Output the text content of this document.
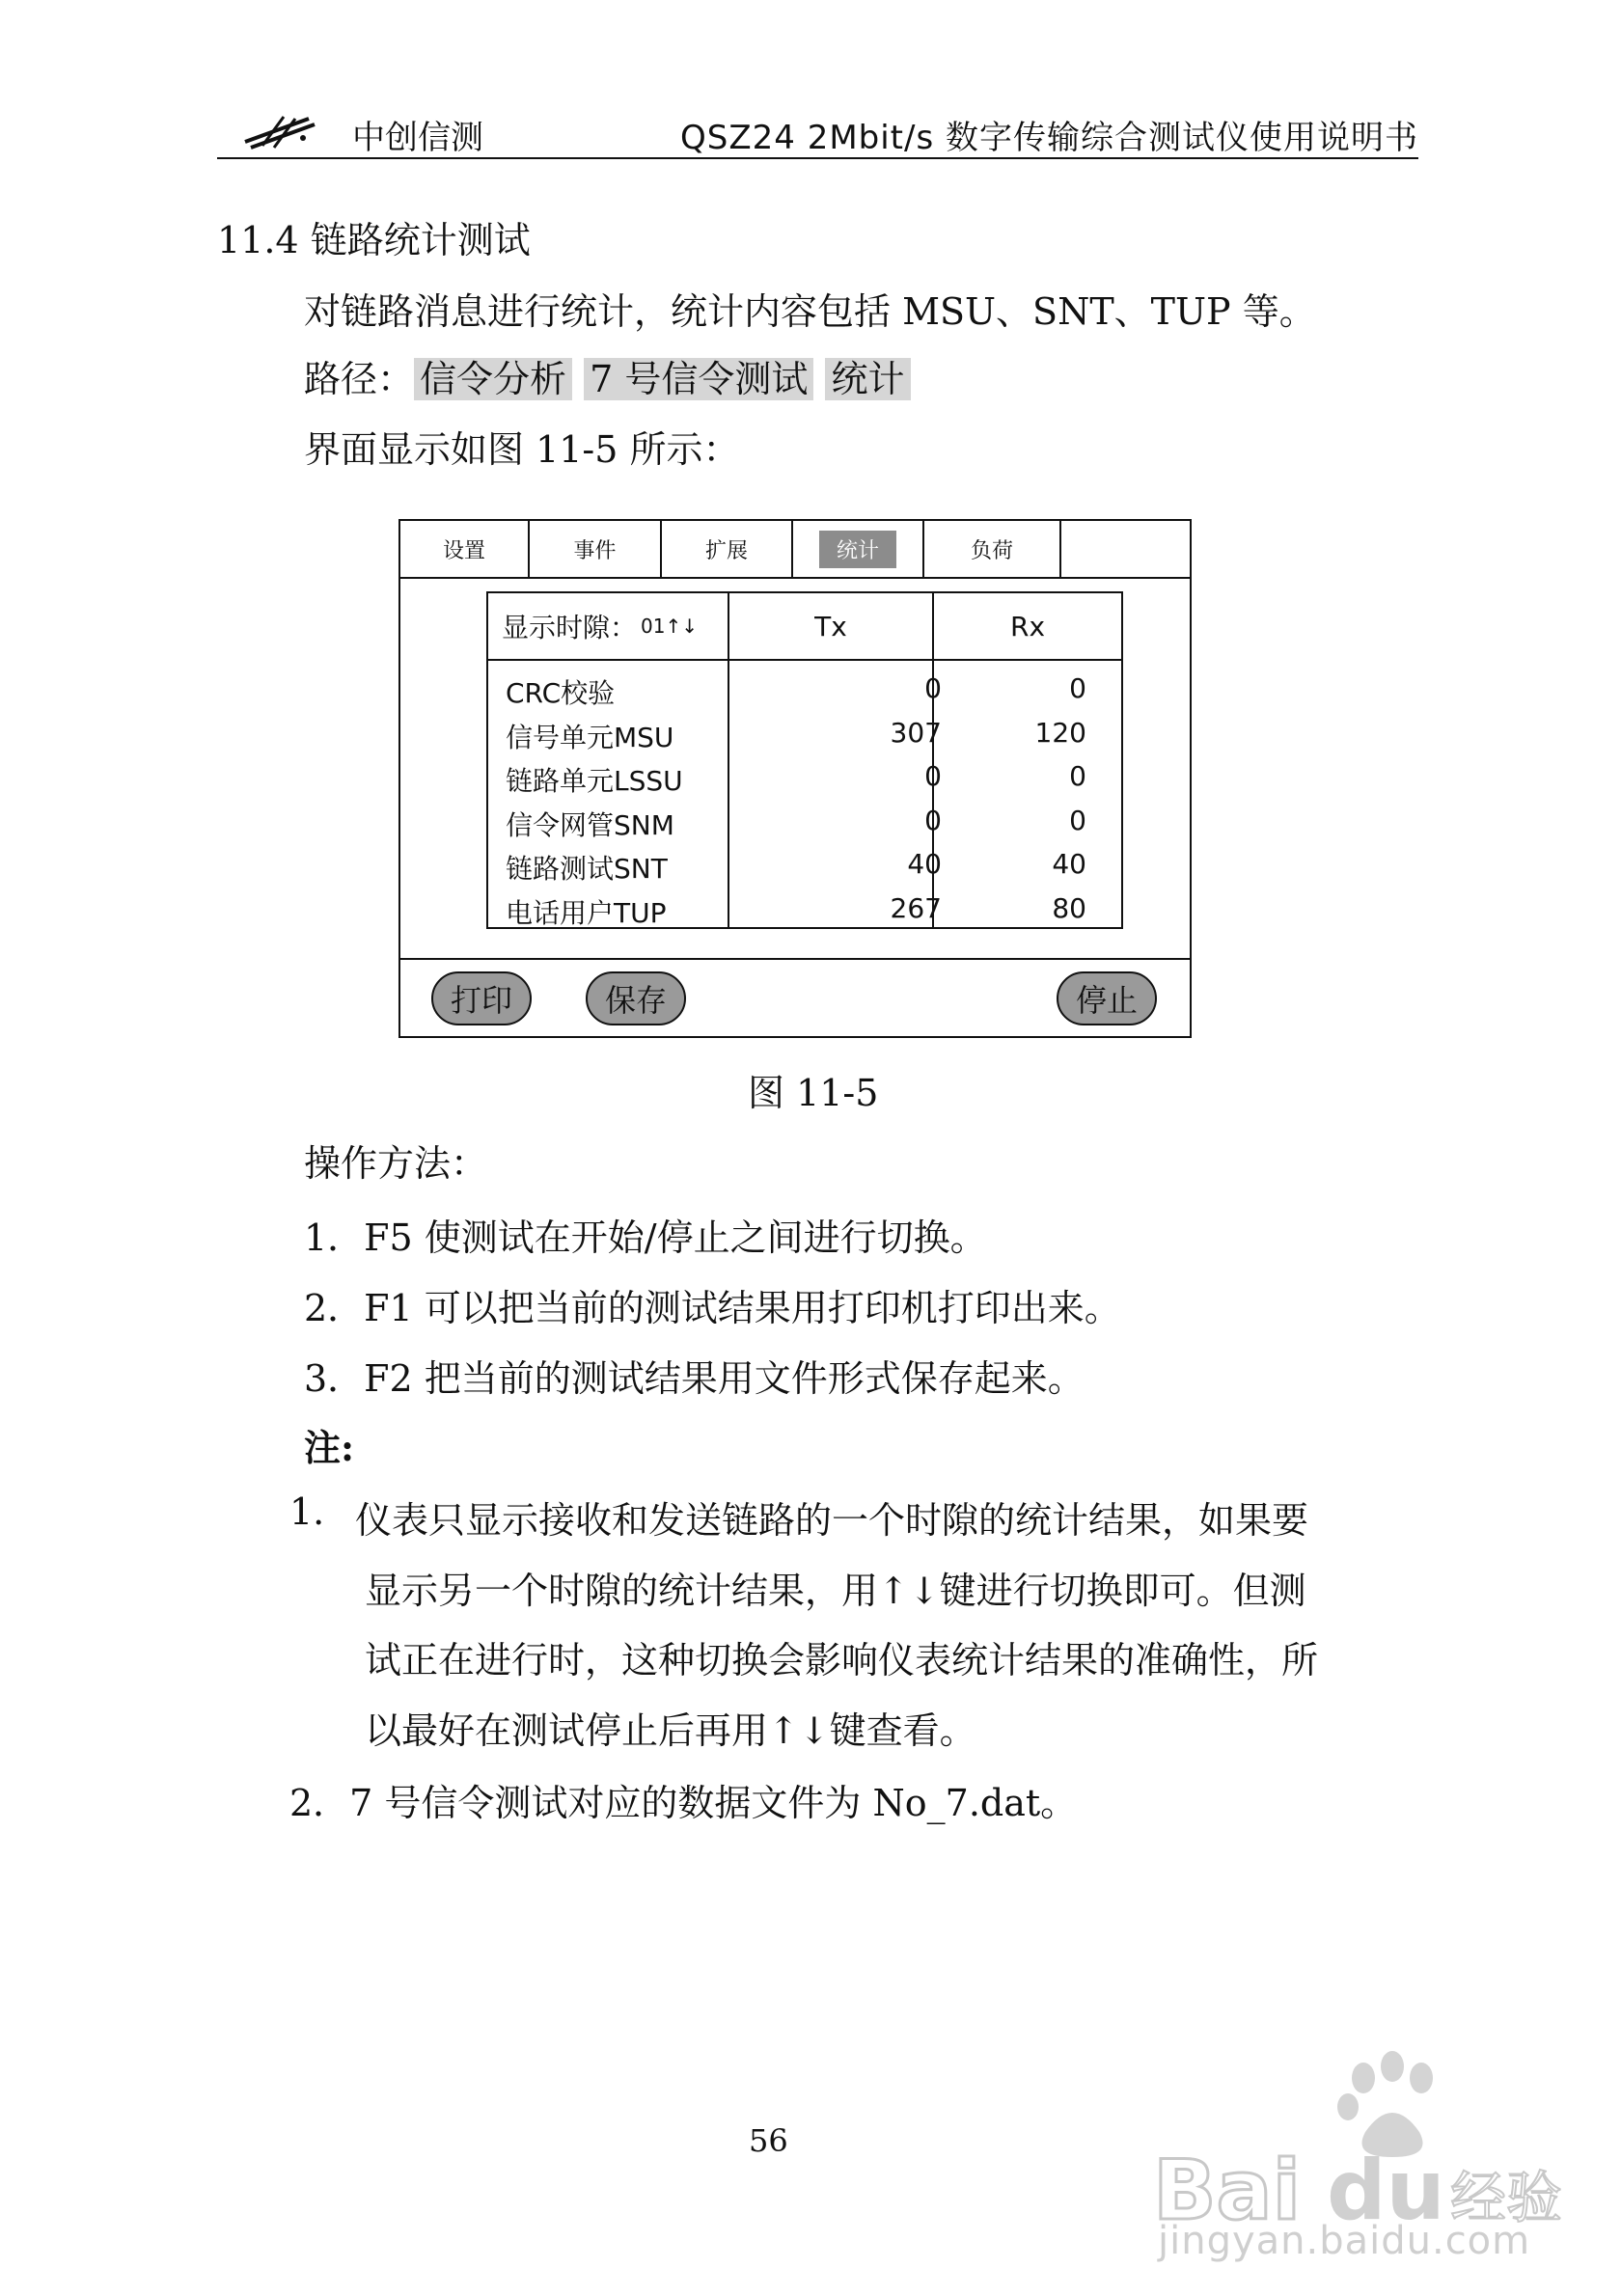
中创信测	QSZ24 2Mbit/s 数字传输综合测试仪使用说明书
11.4 链路统计测试
对链路消息进行统计，统计内容包括 MSU、SNT、TUP 等。
路径： 信令分析 7 号信令测试 统计
界面显示如图 11-5 所示：
设置	事件	扩展	统计	负荷
显示时隙： 01↑↓	Tx	Rx
CRC校验	0	0
信号单元MSU	307	120
链路单元LSSU	0	0
信令网管SNM	0	0
链路测试SNT	40	40
电话用户TUP	267	80
打印	保存	停止
图 11-5
操作方法：
1．F5 使测试在开始/停止之间进行切换。
2．F1 可以把当前的测试结果用打印机打印出来。
3．F2 把当前的测试结果用文件形式保存起来。
注:
1. 仪表只显示接收和发送链路的一个时隙的统计结果，如果要
显示另一个时隙的统计结果，用↑↓键进行切换即可。但测
试正在进行时，这种切换会影响仪表统计结果的准确性，所
以最好在测试停止后再用↑↓键查看。
2．7 号信令测试对应的数据文件为 No_7.dat。
56
Bai du 经验
jingyan.baidu.com
